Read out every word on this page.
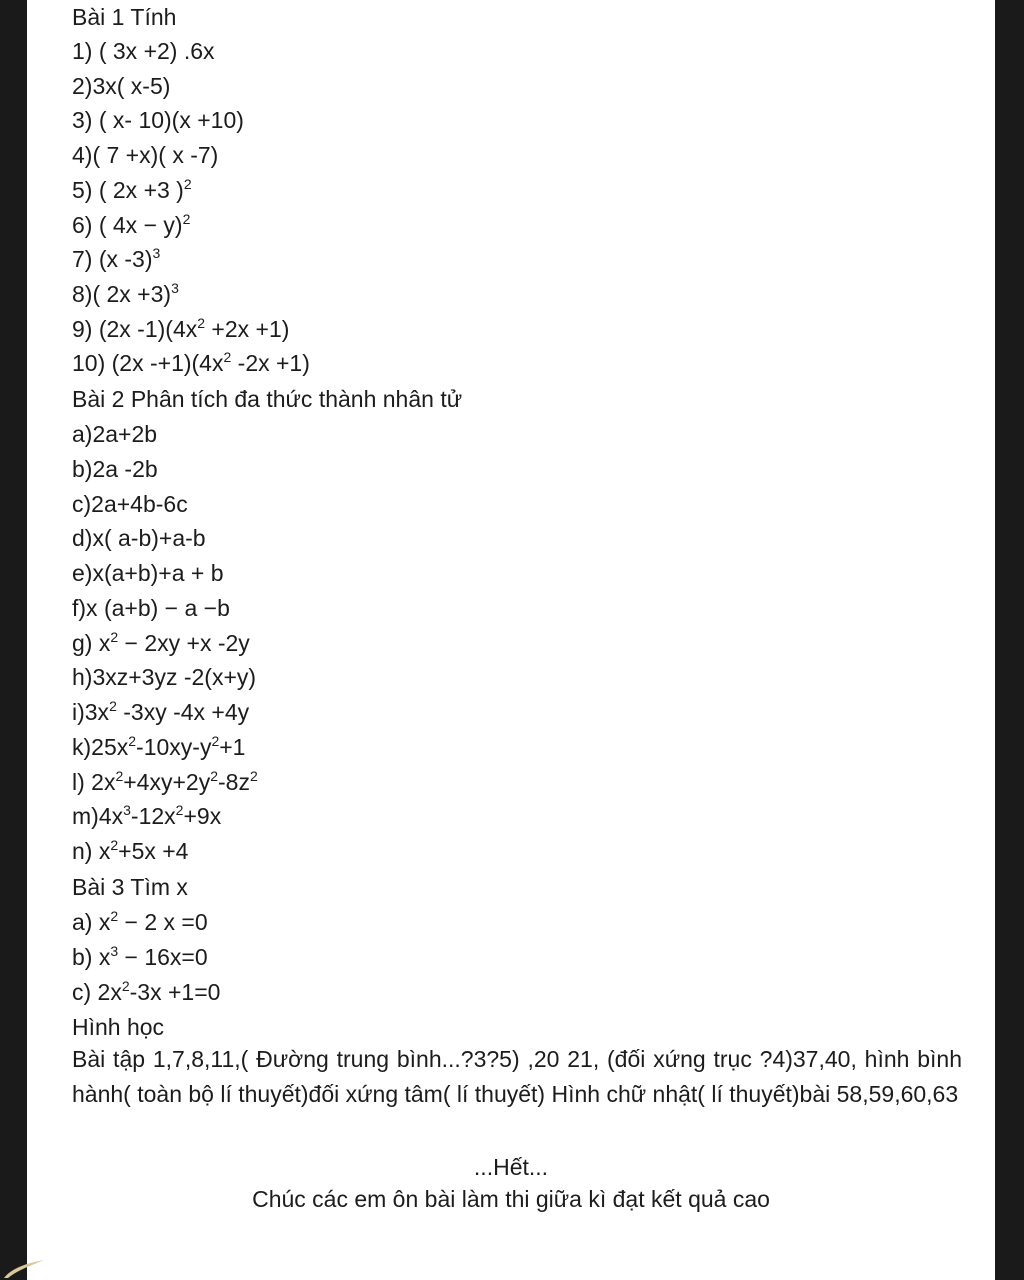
Bài 1 Tính
1) ( 3x +2) .6x
2)3x( x-5)
3) ( x- 10)(x +10)
4)( 7 +x)( x -7)
5) ( 2x +3 )$^2$
6) ( 4x − y)$^2$
7) (x -3)$^3$
8)( 2x +3)$^3$
9) (2x $-1)(4x^2 +2x +1)$
10) (2x $-+1)(4x^2$ -2x +1)
Bài 2 Phân tích đa thức thành nhân tử
a)2a+2b
b)2a -2b
c)2a+4b-6c
d)x( a-b)+a-b
e)x(a+b)+a + b
f)x (a+b) − a −b
g) $x^2 - 2xy +x$ -2y
h)3xz+3yz -2(x+y)
$i)3x^2$ -3xy -4x +4y
$k)25x^2-10xy-y^2+1$
l) $2x^2+4xy+2y^2-8z^2$
$m)4x^3-12x^2+9x$
n) $x^2+5x +4$
Bài 3 Tìm x
a) $x^2 - 2$ x =0
b) $x^3 - 16x=0$
c) $2x^2-3x +1=0$
Hình học
Bài tập 1,7,8,11,( Đường trung bình...?3?5) ,20 21, (đối xứng trục ?4)37,40, hình bình hành( toàn bộ lí thuyết)đối xứng tâm( lí thuyết) Hình chữ nhật( lí thuyết)bài 58,59,60,63
...Hết...
Chúc các em ôn bài làm thi giữa kì đạt kết quả cao
